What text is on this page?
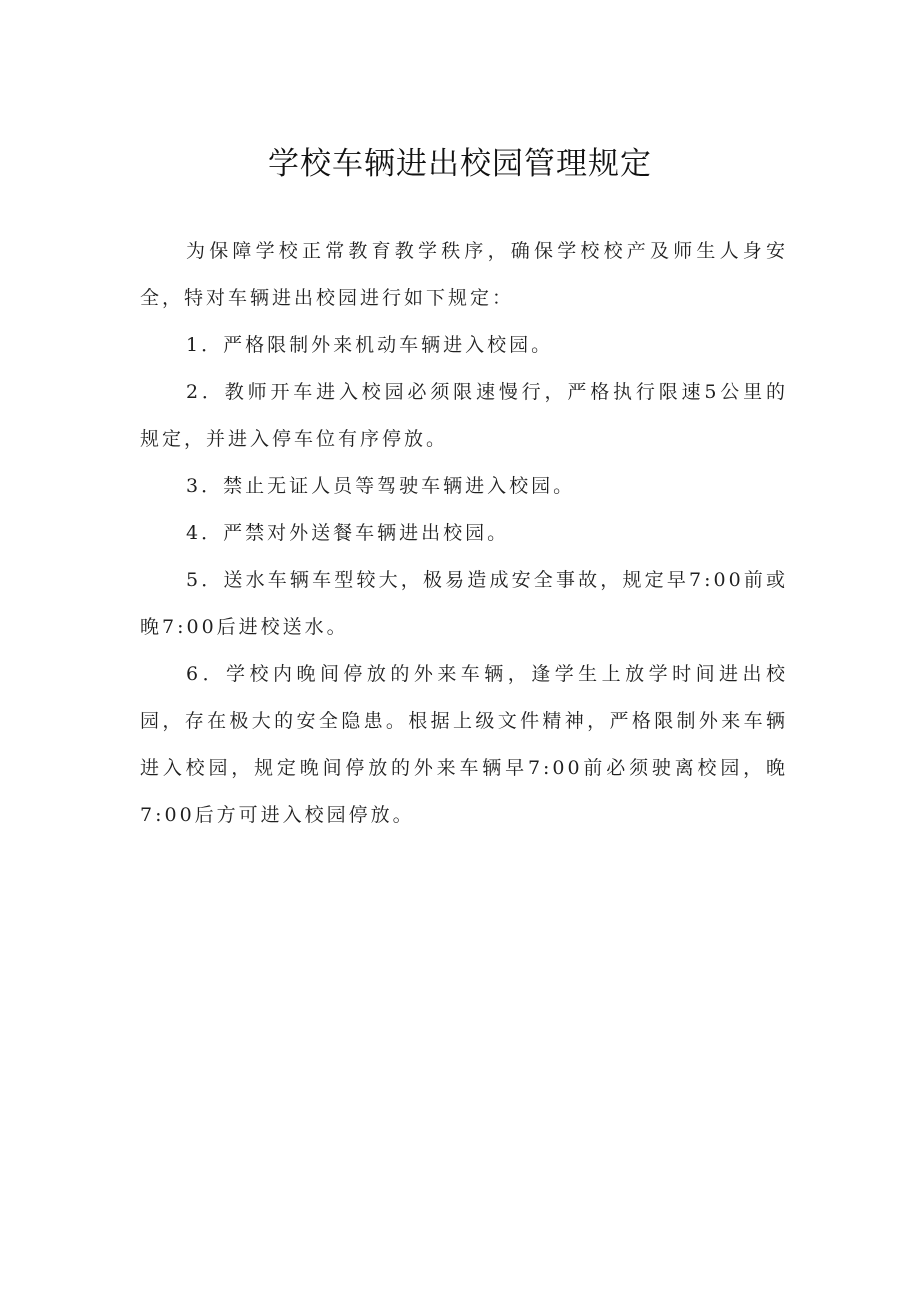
学校车辆进出校园管理规定

为保障学校正常教育教学秩序，确保学校校产及师生人身安全，特对车辆进出校园进行如下规定：

1．严格限制外来机动车辆进入校园。

2．教师开车进入校园必须限速慢行，严格执行限速5公里的规定，并进入停车位有序停放。

3．禁止无证人员等驾驶车辆进入校园。

4．严禁对外送餐车辆进出校园。

5．送水车辆车型较大，极易造成安全事故，规定早7:00前或晚7:00后进校送水。

6．学校内晚间停放的外来车辆，逢学生上放学时间进出校园，存在极大的安全隐患。根据上级文件精神，严格限制外来车辆进入校园，规定晚间停放的外来车辆早7:00前必须驶离校园，晚7:00后方可进入校园停放。
